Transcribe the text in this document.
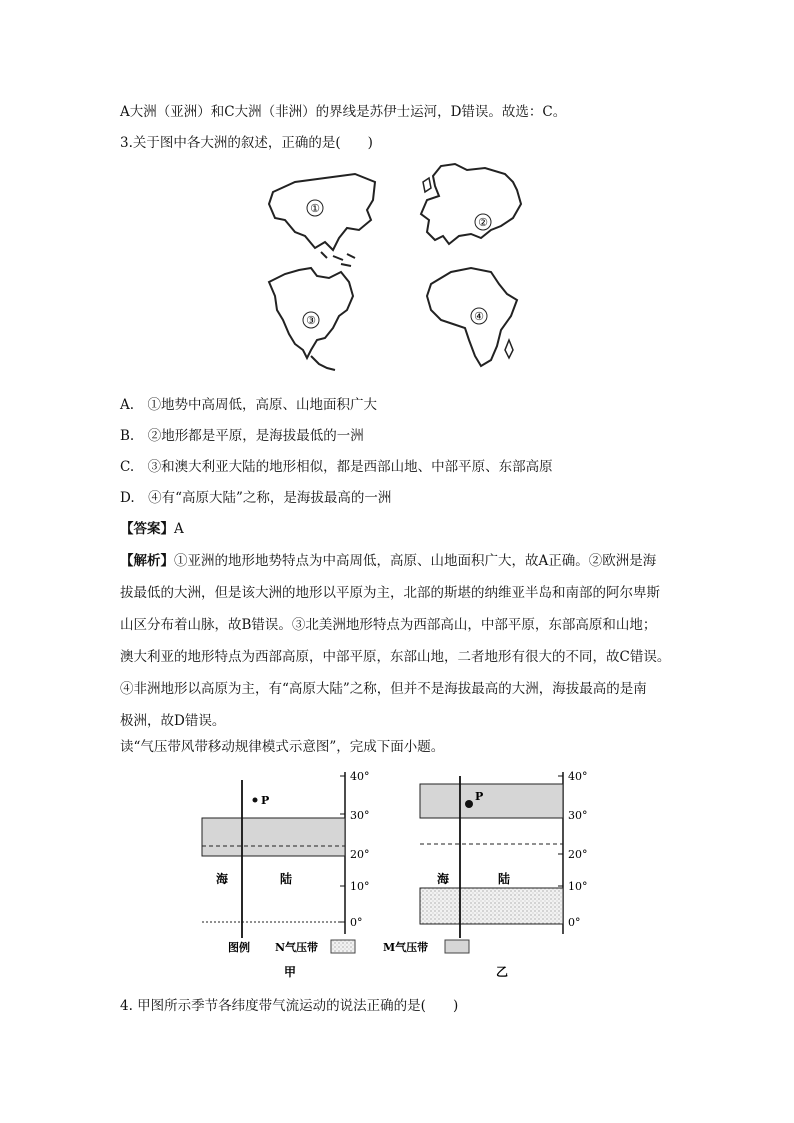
A大洲（亚洲）和C大洲（非洲）的界线是苏伊士运河，D错误。故选：C。
3.关于图中各大洲的叙述，正确的是(　　)
①
②
③	④
A.　①地势中高周低，高原、山地面积广大
B.　②地形都是平原，是海拔最低的一洲
C.　③和澳大利亚大陆的地形相似，都是西部山地、中部平原、东部高原
D.　④有“高原大陆”之称，是海拔最高的一洲
【答案】A

【解析】①亚洲的地形地势特点为中高周低，高原、山地面积广大，故A正确。②欧洲是海

拔最低的大洲，但是该大洲的地形以平原为主，北部的斯堪的纳维亚半岛和南部的阿尔卑斯

山区分布着山脉，故B错误。③北美洲地形特点为西部高山，中部平原，东部高原和山地；

澳大利亚的地形特点为西部高原，中部平原，东部山地，二者地形有很大的不同，故C错误。

④非洲地形以高原为主，有“高原大陆”之称，但并不是海拔最高的大洲，海拔最高的是南

极洲，故D错误。

读“气压带风带移动规律模式示意图”，完成下面小题。
P
海	陆
40°
30°
20°
10°
0°
图例 N气压带	M气压带
甲
P
海	陆
40°
30°
20°
10°
0°
乙
4. 甲图所示季节各纬度带气流运动的说法正确的是(　　)
